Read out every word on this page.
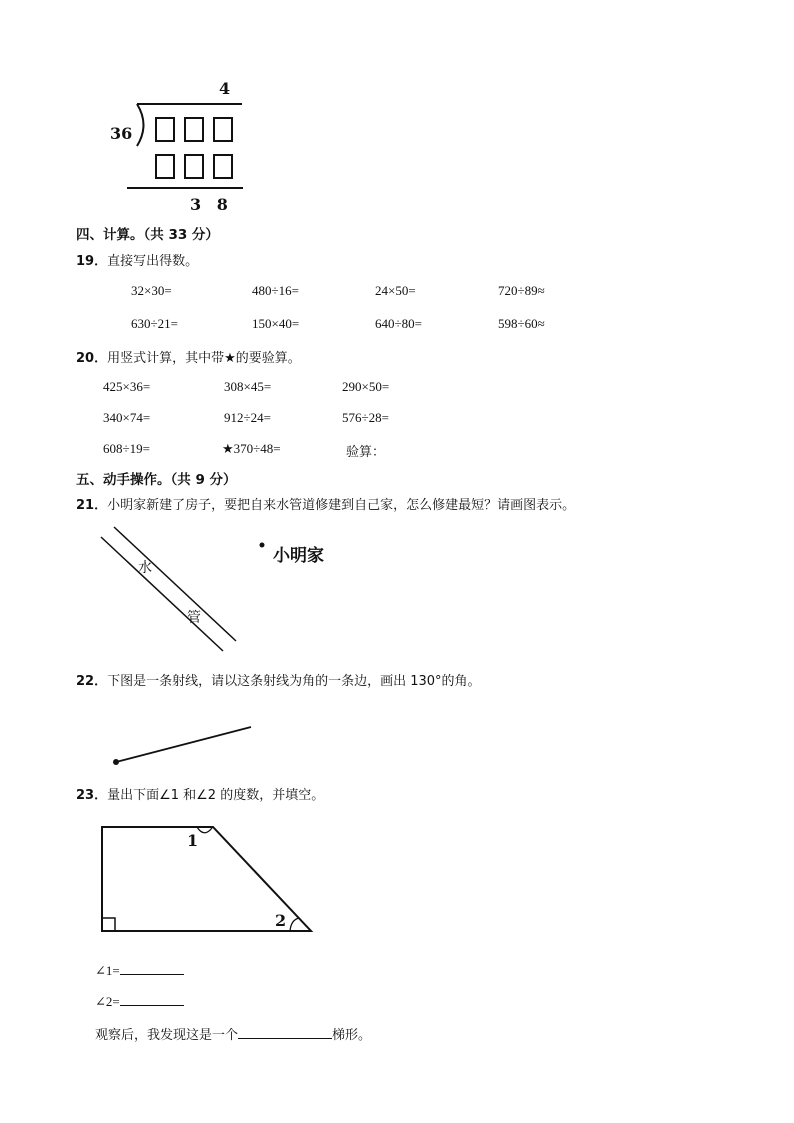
4
36
3 8
四、计算。（共 33 分）
19．直接写出得数。
32×30=	480÷16=	24×50=	720÷89≈
630÷21=	150×40=	640÷80=	598÷60≈
20．用竖式计算，其中带★的要验算。
425×36=	308×45=	290×50=
340×74=	912÷24=	576÷28=
608÷19=	★370÷48=	验算：
五、动手操作。（共 9 分）
21．小明家新建了房子，要把自来水管道修建到自己家，怎么修建最短？请画图表示。
水
管
小明家
22．下图是一条射线，请以这条射线为角的一条边，画出 130°的角。
23．量出下面∠1 和∠2 的度数，并填空。
1
2
∠1=
∠2=
观察后，我发现这是一个	梯形。
